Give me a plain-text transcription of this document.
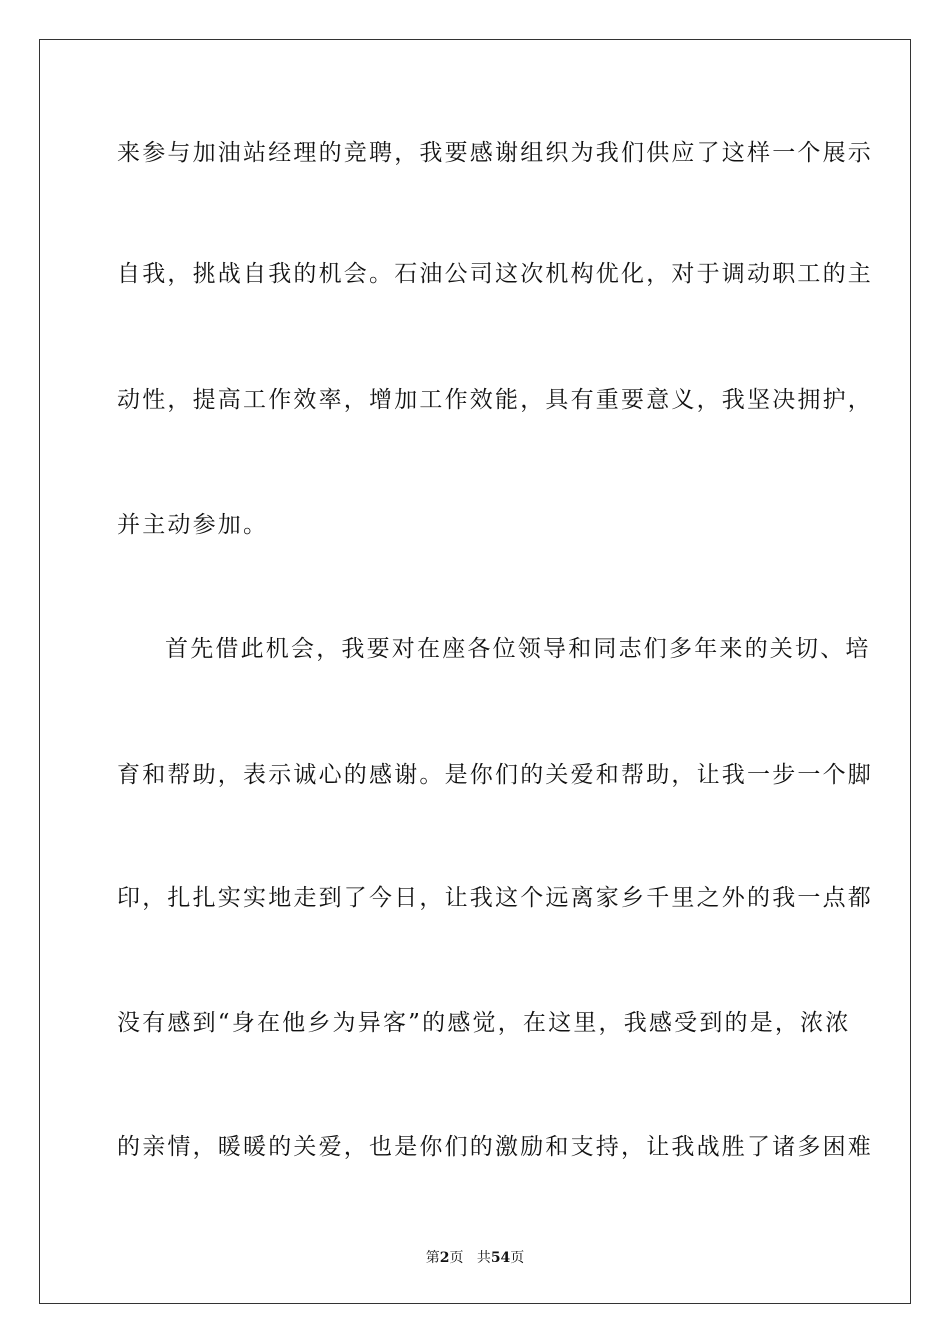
来参与加油站经理的竞聘，我要感谢组织为我们供应了这样一个展示
自我，挑战自我的机会。石油公司这次机构优化，对于调动职工的主
动性，提高工作效率，增加工作效能，具有重要意义，我坚决拥护，
并主动参加。
首先借此机会，我要对在座各位领导和同志们多年来的关切、培
育和帮助，表示诚心的感谢。是你们的关爱和帮助，让我一步一个脚
印，扎扎实实地走到了今日，让我这个远离家乡千里之外的我一点都
没有感到“身在他乡为异客”的感觉，在这里，我感受到的是，浓浓
的亲情，暖暖的关爱，也是你们的激励和支持，让我战胜了诸多困难
第2页 共54页
